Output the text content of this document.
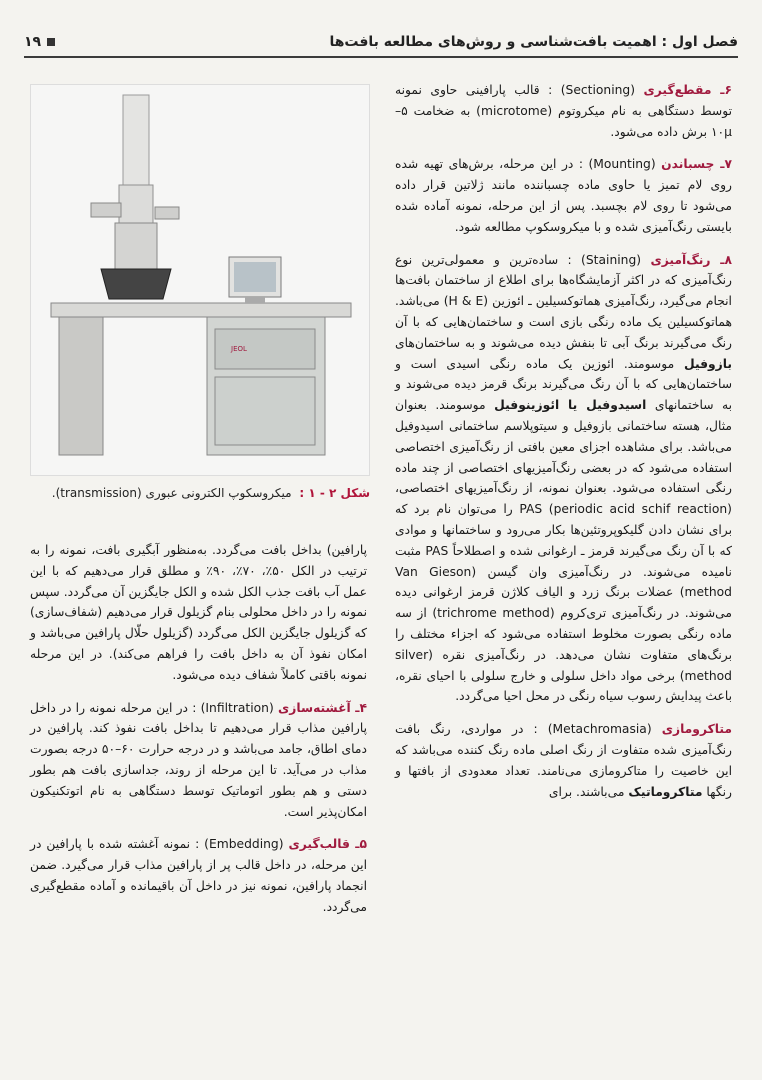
فصل اول : اهمیت بافت‌شناسی و روش‌های مطالعه بافت‌ها
۱۹

۶ـ مقطع‌گیری (Sectioning) : قالب پارافینی حاوی نمونه توسط دستگاهی به نام میکروتوم (microtome) به ضخامت ۵–۱۰µ برش داده می‌شود.

۷ـ چسباندن (Mounting) : در این مرحله، برش‌های تهیه شده روی لام تمیز یا حاوی ماده چسباننده مانند ژلاتین قرار داده می‌شود تا روی لام بچسبد. پس از این مرحله، نمونه آماده شده بایستی رنگ‌آمیزی شده و با میکروسکوپ مطالعه شود.

۸ـ رنگ‌آمیزی (Staining) : ساده‌ترین و معمولی‌ترین نوع رنگ‌آمیزی که در اکثر آزمایشگاه‌ها برای اطلاع از ساختمان بافت‌ها انجام می‌گیرد، رنگ‌آمیزی هماتوکسیلین ـ ائوزین (H & E) می‌باشد. هماتوکسیلین یک ماده رنگی بازی است و ساختمان‌هایی که با آن رنگ می‌گیرند برنگ آبی تا بنفش دیده می‌شوند و به ساختمان‌های بازوفیل موسومند. ائوزین یک ماده رنگی اسیدی است و ساختمان‌هایی که با آن رنگ می‌گیرند برنگ قرمز دیده می‌شوند و به ساختمانهای اسیدوفیل یا ائوزینوفیل موسومند. بعنوان مثال، هسته ساختمانی بازوفیل و سیتوپلاسم ساختمانی اسیدوفیل می‌باشد. برای مشاهده اجزای معین بافتی از رنگ‌آمیزی اختصاصی استفاده می‌شود که در بعضی رنگ‌آمیزیهای اختصاصی از چند ماده رنگی استفاده می‌شود. بعنوان نمونه، از رنگ‌آمیزیهای اختصاصی، (periodic acid schif reaction) PAS را می‌توان نام برد که برای نشان دادن گلیکوپروتئین‌ها بکار می‌رود و ساختمانها و موادی که با آن رنگ می‌گیرند قرمز ـ ارغوانی شده و اصطلاحاً PAS مثبت نامیده می‌شوند. در رنگ‌آمیزی وان گیسن (Van Gieson method) عضلات برنگ زرد و الیاف کلاژن قرمز ارغوانی دیده می‌شوند. در رنگ‌آمیزی تری‌کروم (trichrome method) از سه ماده رنگی بصورت مخلوط استفاده می‌شود که اجزاء مختلف را برنگ‌های متفاوت نشان می‌دهد. در رنگ‌آمیزی نقره (silver method) برخی مواد داخل سلولی و خارج سلولی با احیای نقره، باعث پیدایش رسوب سیاه رنگی در محل احیا می‌گردد.

متاکرومازی (Metachromasia) : در مواردی، رنگ بافت رنگ‌آمیزی شده متفاوت از رنگ اصلی ماده رنگ کننده می‌باشد که این خاصیت را متاکرومازی می‌نامند. تعداد معدودی از بافتها و رنگها متاکروماتیک می‌باشند. برای

JEOL
شکل ۲ - ۱ : میکروسکوپ الکترونی عبوری (transmission).

پارافین) بداخل بافت می‌گردد. به‌منظور آبگیری بافت، نمونه را به ترتیب در الکل ۵۰٪، ۷۰٪، ۹۰٪ و مطلق قرار می‌دهیم که با این عمل آب بافت جذب الکل شده و الکل جایگزین آن می‌گردد. سپس نمونه را در داخل محلولی بنام گزیلول قرار می‌دهیم (شفاف‌سازی) که گزیلول جایگزین الکل می‌گردد (گزیلول حلّال پارافین می‌باشد و امکان نفوذ آن به داخل بافت را فراهم می‌کند). در این مرحله نمونه باقتی کاملاً شفاف دیده می‌شود.

۴ـ آغشته‌سازی (Infiltration) : در این مرحله نمونه را در داخل پارافین مذاب قرار می‌دهیم تا بداخل بافت نفوذ کند. پارافین در دمای اطاق، جامد می‌باشد و در درجه حرارت ۶۰–۵۰ درجه بصورت مذاب در می‌آید. تا این مرحله از روند، جداسازی بافت هم بطور دستی و هم بطور اتوماتیک توسط دستگاهی به نام اتوتکنیکون امکان‌پذیر است.

۵ـ قالب‌گیری (Embedding) : نمونه آغشته شده با پارافین در این مرحله، در داخل قالب پر از پارافین مذاب قرار می‌گیرد. ضمن انجماد پارافین، نمونه نیز در داخل آن باقیمانده و آماده مقطع‌گیری می‌گردد.
